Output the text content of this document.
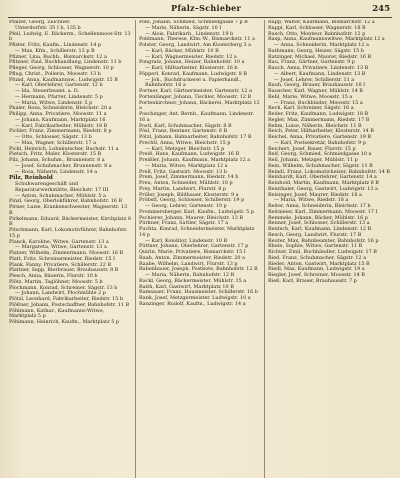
Pfalz–Schieber	245

Pfalzer, Georg, Zeichner.

Unterdorfstr. 35 I b, 135 b

Pfeil, Ludwig, E. Bäckerm., Schellenmoos-Str. 13 b

Pfister, Fritz, Kaufm., Lindenstr. 14 p

— Max, Kfm., Schillerstr. 13 p B

Pfizner, Lina, Buchh., Bismarckstr. 12 a

Pfitzner, Paul, Buchhandlung, Lindenstr. 11 b

Pfleger, Georg, Schlosser, Wagnerstr. 10 p

Pflug, Christ., Polierin, Moosstr. 13 b

Pfund, Anna, Kaufmannsw., Ludwigstr. 15 B

— Karl, Oberlehrer, Gartenstr. 12 b

— Ida, Steuerbeamt. a. D.

— Hermann, Pfarrer, Lindenstr. 5 p

— Maria, Witwe, Lindenstr. 5 p

Phaler, Rosa, Schneiderin, Bleichstr. 20 a

Philipp, Anna, Privatiere, Moosstr. 11 a

— Johann, Kaufmann, Marktplatz 16

— Karl, Fabrikarbeiter, Mühlstr. 18 B

Pichler, Franz, Zimmermann, Riedstr. 8 p

— Otto, Schlosser, Sägstr. 13 b

— Max, Wagner, Schillerstr. 17 a

Pickl, Heinrich, Lohnkutscher, Buchstr. 11 a

Pietsch, Fritz, Maler, Klosterstr. 15 B

Pilz, Johann, Schuhm., Brunnenstr. 8 a

— Josef, Schuhmacher, Brunnenstr. 8 a

— Rosa, Näherin, Lindenstr. 14 a

Pilz, Reinhold

Schuhwarengeschäft und Reparaturwerkstätte, Bleichstr. 17 III

— Anton, Schuhmacher, Mühlstr. 5 a

Pinzl, Georg, Oberlokführer, Bahnhofstr. 16 B

Pirner, Luise, Krankenschwester, Wagnerstr. 13 B

Pirkelmann, Eduard, Bäckermeister, Kirchplatz 8 B

Pitschmann, Karl, Lokomotivführer, Bahnhofstr. 15 p

Planck, Karoline, Witwe, Gartenstr. 13 a

— Margareta, Witwe, Gartenstr. 13 a

Platzer, Wilhelm, Zimmermann, Moosstr. 16 B

Platt, Fritz, Schreinermeister, Riedstr. 15 I

Plank, Fanny, Privatiere, Schillerstr. 22 B

Plattner, Sepp, Bierbrauer, Brauhausstr. 8 B

Plesch, Anna, Bäuerin, Flurstr. 10 b

Plötz, Martin, Taglöhner, Moosstr. 5 b

Plochmann, Konrad, Schreiner, Sägstr. 13 b

— Johann, Landwirt, Plochmühle 2 p

Plötzl, Leonhard, Fabrikarbeiter, Riedstr. 15 b

Plößner, Johann, Postschaffner, Bahnhofstr. 11 B

Pöhlmann, Kathar., Kaufmanns-Witwe, Marktplatz 5 p

Pöhlmann, Heinrich, Kaufm., Marktplatz 5 p

Pohl, Johann, Schmied, Schmiedgasse 7 p B

— Marie, Näherin, Sägstr. 10 I

— Alois, Fabrikarb., Lindenstr. 19 b

Pohlmann, Therese, Kfm.-W., Bismarckstr. 11 a

Polster, Georg, Landwirt, Am Klosterberg 3 a

— Karl, Bäcker, Mühlstr. 10 B

— Karl, Wagnermeister, Riedstr. 12 a

Pongratz, Johann, Heizer, Bahnhofstr. 10 a

— Karl, Hilfsarbeiter, Klosterstr. 16 b

Pöpperl, Konrad, Kaufmann, Ludwigstr. 8 B

— Joh., Buchdruckerei u. Papierhandl., Bahnhofstr. 16 a

Portner, Karl, Gärtnermeister, Gartenstr. 12 a

Portenlänger, Johann, Tischler, Moosstr. 12 B

Portenkirchner, Johann, Bäckerei, Marktplatz 12 a

Poschinger, Ant. Bernh., Kaufmann, Lindenstr. 16 a

Postl, Karl, Schuhmacher, Sägstr. 8 B

Pösl, Franz, Rentner, Gartenstr. 6 B

Pötzl, Johann, Bahnarbeiter, Bahnhofstr. 17 B

Prechtl, Anna, Witwe, Bleichstr. 15 p

— Karl, Metzger, Bleichstr. 15 p

Preiß, Hans, Kaufmann, Ludwigstr. 16 B

Preißler, Johann, Kaufmann, Marktplatz 12 a

— Maria, Witwe, Marktplatz 12 a

Prell, Fritz, Gastwirt, Moosstr. 13 b

Prem, Josef, Zimmermann, Riedstr. 14 b

Preu, Anton, Schneider, Mühlstr. 10 p

Prey, Martin, Landwirt, Flurstr. 8 p

Priller, Joseph, Bildhauer, Klosterstr. 9 a

Pröbstl, Georg, Schlosser, Schillerstr. 19 p

— Georg, Lehrer, Gartenstr. 10 p

Prommersberger, Karl, Kaufm., Ludwigstr. 5 p

Pschierer, Johann, Maurer, Bleichstr. 13 B

Pürkner, Franz, Sattler, Sägstr. 17 a

Puchta, Konrad, Schneidermeister, Marktplatz 14 p

— Karl, Konditor, Lindenstr. 10 B

Püttner, Johann, Oberlehrer, Gartenstr. 17 p

Quirin, Marie, Privatiere, Bismarckstr. 15 I

Raab, Anton, Zimmermeister, Riedstr. 20 a

Raabe, Wilhelm, Landwirt, Flurstr. 13 p

Rabenbauer, Joseph, Postbote, Bahnhofstr. 12 B

— Maria, Näherin, Bahnhofstr. 12 B

Rackl, Georg, Bäckermeister, Mühlstr. 15 a

Raith, Karl, Gastwirt, Marktplatz 10 B

Ramsauer, Franz, Hausmeister, Schillerstr. 16 b

Rank, Josef, Metzgermeister, Ludwigstr. 10 a

Ranzinger, Rudolf, Kaufm., Ludwigstr. 14 a

Rapp, Walter, Kaufmann, Bismarckstr. 12 a

Rappl, Karl, Schlosser, Wagnerstr. 18 B

Rasch, Otto, Monteur, Bahnhofstr. 12 p

Rasp, Anna, Kaufmannswitwe, Marktplatz 12 a

— Anna, Schneiderin, Marktplatz 12 a

Rathmann, Georg, Heizer, Sägstr. 15 b

Ratzinger, Michael, Maurer, Riedstr. 16 B

Rau, Franz, Gärtner, Gartenstr. 9 p

Rauch, Anna, Privatiere, Lindenstr. 13 B

— Albert, Kaufmann, Lindenstr. 13 B

— Josef, Lehrer, Schillerstr. 11 a

Rauh, Georg, Brauer, Brauhausstr. 10 I

Rauscher, Karl, Wagner, Mühlstr. 14 B

Rebl, Marie, Witwe, Moosstr. 15 a

— Franz, Buchbinder, Moosstr. 15 a

Rech, Karl, Schreiner, Sägstr. 16 a

Reder, Fritz, Kaufmann, Ludwigstr. 18 B

Regler, Max, Zimmermann, Riedstr. 17 B

Rehm, Luise, Näherin, Bleichstr. 11 B

Reich, Peter, Hilfsarbeiter, Klosterstr. 14 B

Reichel, Anna, Privatiere, Gartenstr. 19 B

— Karl, Postsekretär, Bahnhofstr. 9 p

Reichert, Josef, Bauer, Flurstr. 15 p

Reif, Georg, Schmied, Schmiedgasse 10 a

Reil, Johann, Metzger, Mühlstr. 11 p

Rein, Wilhelm, Schuhmacher, Sägstr. 11 B

Reindl, Franz, Lokomotivheizer, Bahnhofstr. 14 B

Reinhardt, Karl, Oberlehrer, Gartenstr. 14 a

Reinhold, Martin, Kaufmann, Marktplatz 8 B

Reinthaler, Georg, Gastwirt, Ludwigstr. 13 a

Reisinger, Josef, Maurer, Riedstr. 18 a

— Maria, Witwe, Riedstr. 18 a

Reiter, Anna, Schneiderin, Bleichstr. 17 b

Reitmeier, Karl, Zimmermann, Moosstr. 17 I

Remmele, Johann, Bäcker, Mühlstr. 16 p

Renner, Josef, Schlosser, Schillerstr. 13 a

Rentsch, Karl, Kaufmann, Lindenstr. 12 B

Resch, Georg, Landwirt, Flurstr. 17 B

Reuter, Max, Bahnbeamter, Bahnhofstr. 16 p

Rhein, Sophie, Witwe, Gartenstr. 11 B

Richter, Emil, Buchhändler, Ludwigstr. 17 B

Ried, Franz, Schuhmacher, Sägstr. 12 a

Rieder, Anton, Gastwirt, Marktplatz 15 B

Riedl, Max, Kaufmann, Ludwigstr. 19 a

Riegler, Josef, Schreiner, Moosstr. 14 B

Rieß, Karl, Brauer, Brauhausstr. 7 p
